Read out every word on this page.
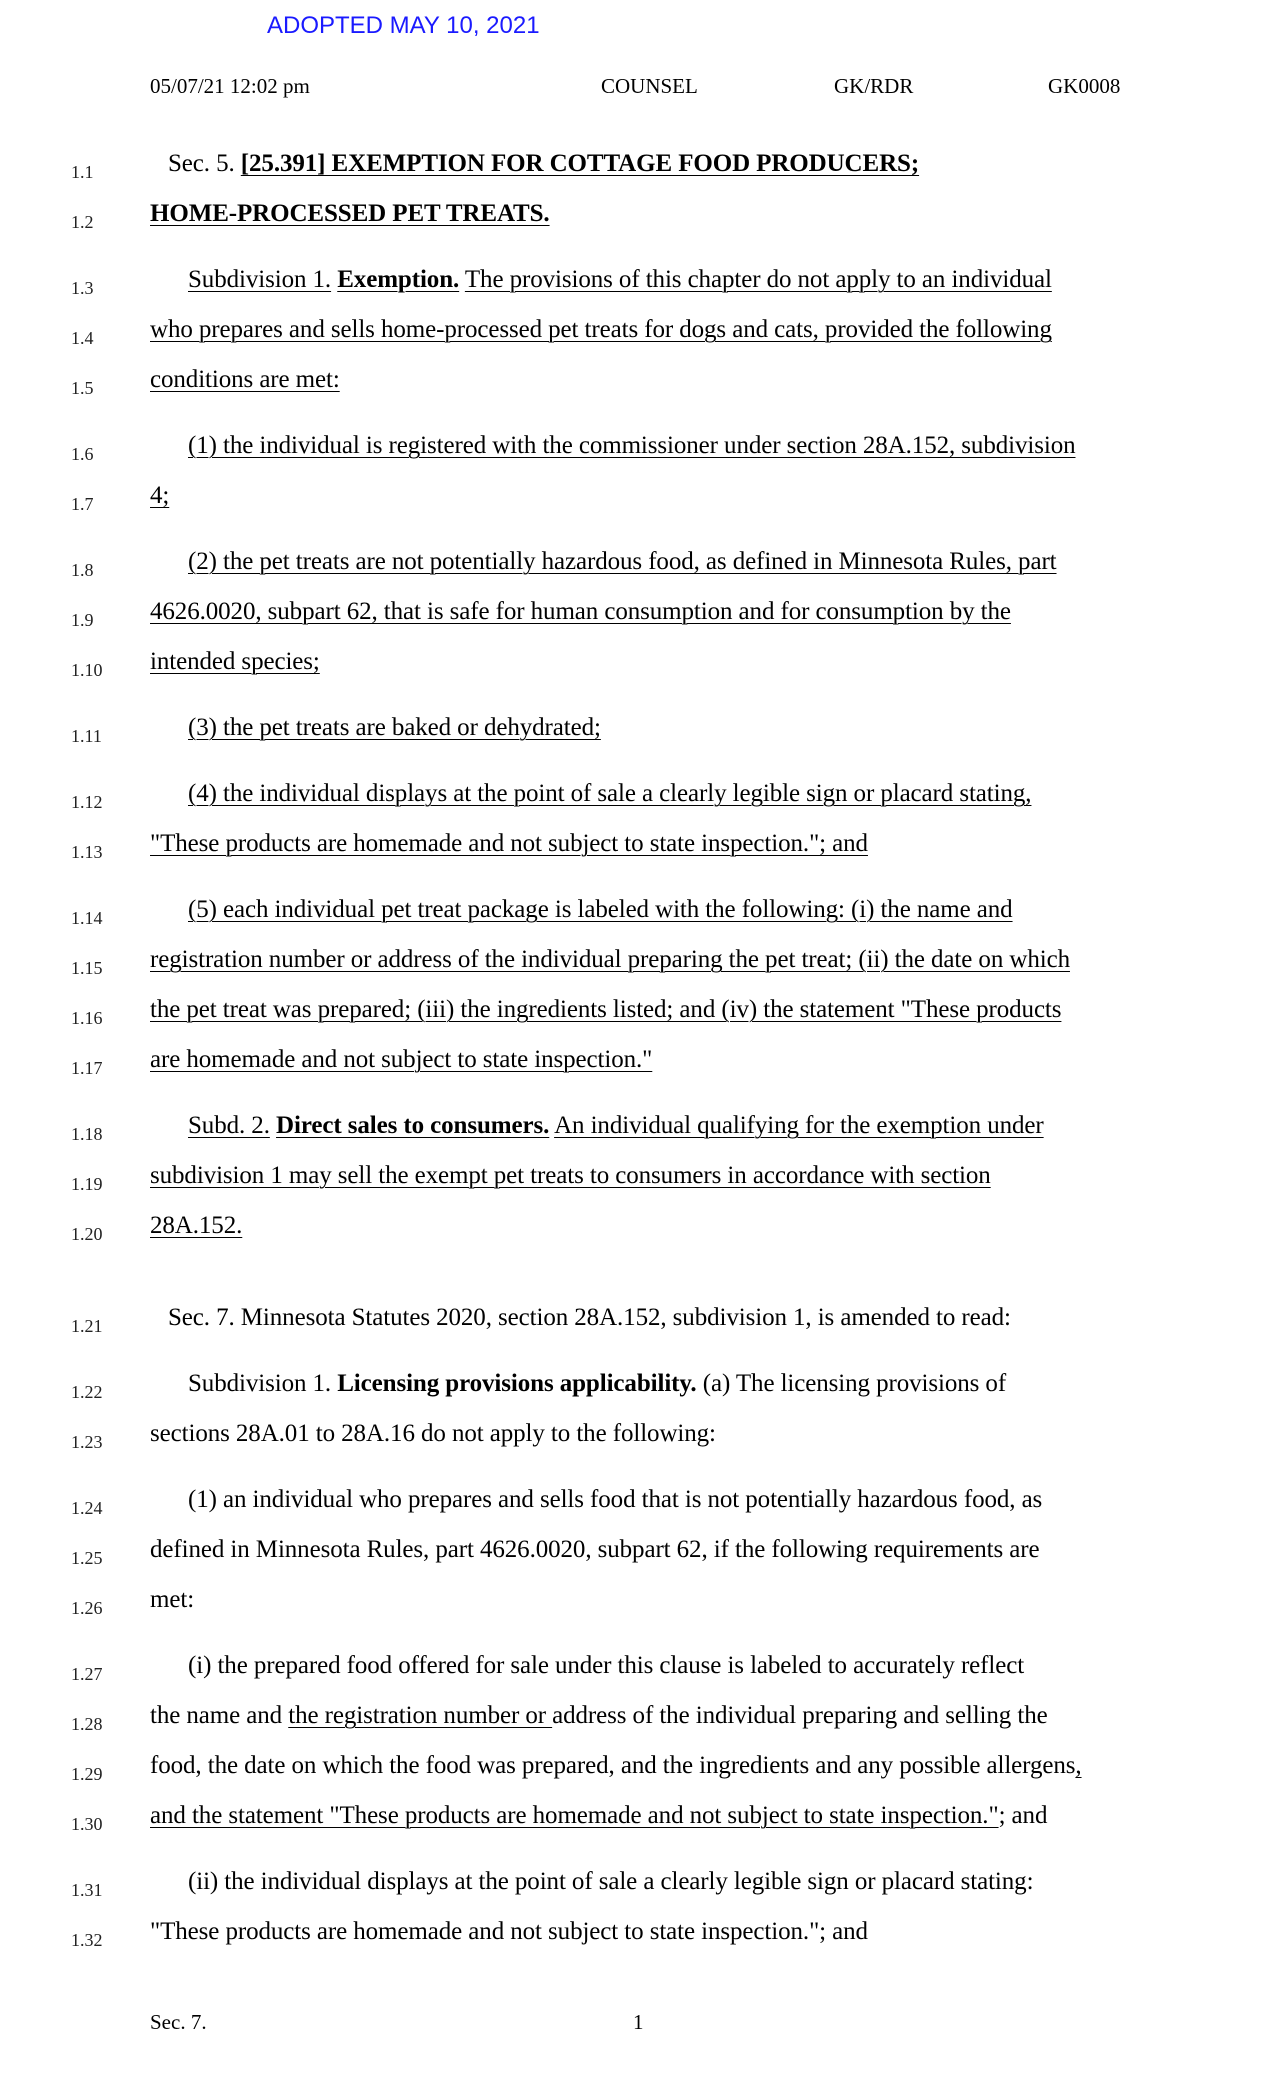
ADOPTED MAY 10, 2021
05/07/21 12:02 pm	COUNSEL	GK/RDR	GK0008
1.1	Sec. 5. [25.391] EXEMPTION FOR COTTAGE FOOD PRODUCERS;
1.2 HOME-PROCESSED PET TREATS.
1.3	Subdivision 1. Exemption. The provisions of this chapter do not apply to an individual
1.4 who prepares and sells home-processed pet treats for dogs and cats, provided the following
1.5 conditions are met:
1.6	(1) the individual is registered with the commissioner under section 28A.152, subdivision
1.7 4;
1.8	(2) the pet treats are not potentially hazardous food, as defined in Minnesota Rules, part
1.9 4626.0020, subpart 62, that is safe for human consumption and for consumption by the
1.10 intended species;
1.11	(3) the pet treats are baked or dehydrated;
1.12	(4) the individual displays at the point of sale a clearly legible sign or placard stating,
1.13 "These products are homemade and not subject to state inspection."; and
1.14	(5) each individual pet treat package is labeled with the following: (i) the name and
1.15 registration number or address of the individual preparing the pet treat; (ii) the date on which
1.16 the pet treat was prepared; (iii) the ingredients listed; and (iv) the statement "These products
1.17 are homemade and not subject to state inspection."
1.18	Subd. 2. Direct sales to consumers. An individual qualifying for the exemption under
1.19 subdivision 1 may sell the exempt pet treats to consumers in accordance with section
1.20 28A.152.
1.21	Sec. 7. Minnesota Statutes 2020, section 28A.152, subdivision 1, is amended to read:
1.22	Subdivision 1. Licensing provisions applicability. (a) The licensing provisions of
1.23 sections 28A.01 to 28A.16 do not apply to the following:
1.24	(1) an individual who prepares and sells food that is not potentially hazardous food, as
1.25 defined in Minnesota Rules, part 4626.0020, subpart 62, if the following requirements are
1.26 met:
1.27	(i) the prepared food offered for sale under this clause is labeled to accurately reflect
1.28 the name and the registration number or address of the individual preparing and selling the
1.29 food, the date on which the food was prepared, and the ingredients and any possible allergens,
1.30 and the statement "These products are homemade and not subject to state inspection."; and
1.31	(ii) the individual displays at the point of sale a clearly legible sign or placard stating:
1.32 "These products are homemade and not subject to state inspection."; and
Sec. 7.	1
